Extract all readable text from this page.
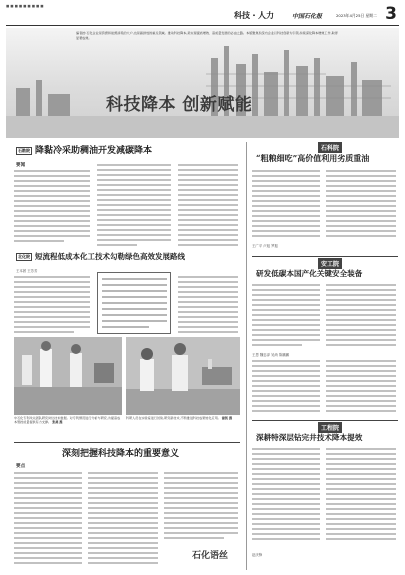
■ ■ ■ ■ ■ ■ ■ ■ ■
科技・人力	中国石化报	2023年4月25日 星期二 3
编者按:石化企业是资源和能源消耗的大户,也是碳排放的重点领域。推动科技降本,是实现提质增效、高质量发展的必由之路。本版聚焦系统内企业以科技创新为引领,持续深化降本增效工作,取得显著成效。
科技降本 创新赋能
石勘院 降黏冷采助稠油开发减碳降本
要闻
北化院 短流程低成本化工技术勾勒绿色高效发展路线
王本固 王芳芳
中石化专利攻关团队研究岗位技术数据。对专利情况进行分析与研究,为提高成本管控质量提供有力支撑。 张燕 摄
科研人员在实验室进行试验,研究新技术,不断推进科技成果转化应用。 谢凯 摄
深刻把握科技降本的重要意义
要点
石化语丝
石科院
“粗粮细吃”高价值利用劣质重油
王广平 卢旭 罗振
安工院
研发低碳本国产化关键安全装备
王思 魏忠泽 吴尚 陈鹏鹏
工程院
深耕特深层钻完井技术降本提效
赵庆锋
